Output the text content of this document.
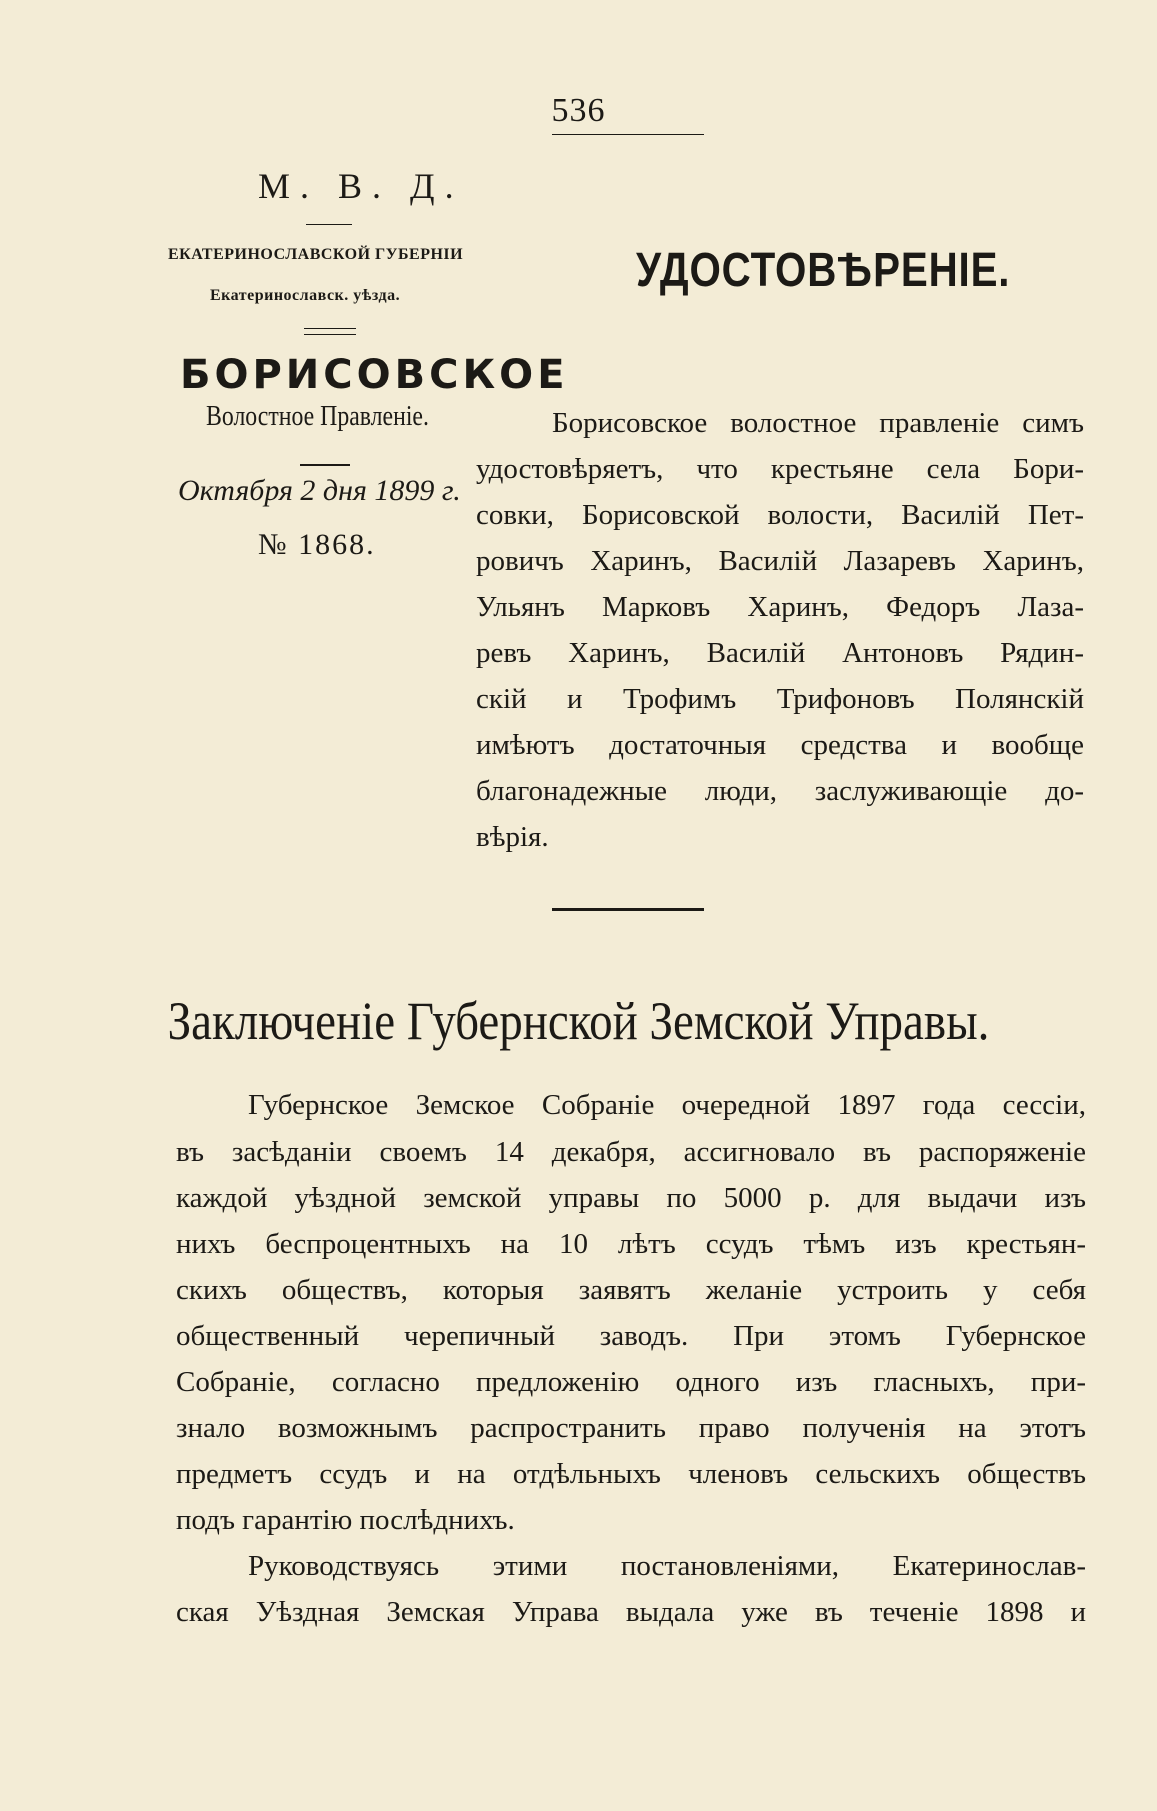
536
М. В. Д.
ЕКАТЕРИНОСЛАВСКОЙ ГУБЕРНІИ
Екатеринославск. уѣзда.
БОРИСОВСКОЕ
Волостное Правленіе.
Октября 2 дня 1899 г.
№ 1868.
УДОСТОВѢРЕНІЕ.
Борисовское волостное правленіе симъ
удостовѣряетъ, что крестьяне села Бори-
совки, Борисовской волости, Василій Пет-
ровичъ Харинъ, Василій Лазаревъ Харинъ,
Ульянъ Марковъ Харинъ, Федоръ Лаза-
ревъ Харинъ, Василій Антоновъ Рядин-
скій и Трофимъ Трифоновъ Полянскій
имѣютъ достаточныя средства и вообще
благонадежные люди, заслуживающіе до-
вѣрія.
Заключеніе Губернской Земской Управы.
Губернское Земское Собраніе очередной 1897 года сессіи,
въ засѣданіи своемъ 14 декабря, ассигновало въ распоряженіе
каждой уѣздной земской управы по 5000 р. для выдачи изъ
нихъ беспроцентныхъ на 10 лѣтъ ссудъ тѣмъ изъ крестьян-
скихъ обществъ, которыя заявятъ желаніе устроить у себя
общественный черепичный заводъ. При этомъ Губернское
Собраніе, согласно предложенію одного изъ гласныхъ, при-
знало возможнымъ распространить право полученія на этотъ
предметъ ссудъ и на отдѣльныхъ членовъ сельскихъ обществъ
подъ гарантію послѣднихъ.
Руководствуясь этими постановленіями, Екатеринослав-
ская Уѣздная Земская Управа выдала уже въ теченіе 1898 и
